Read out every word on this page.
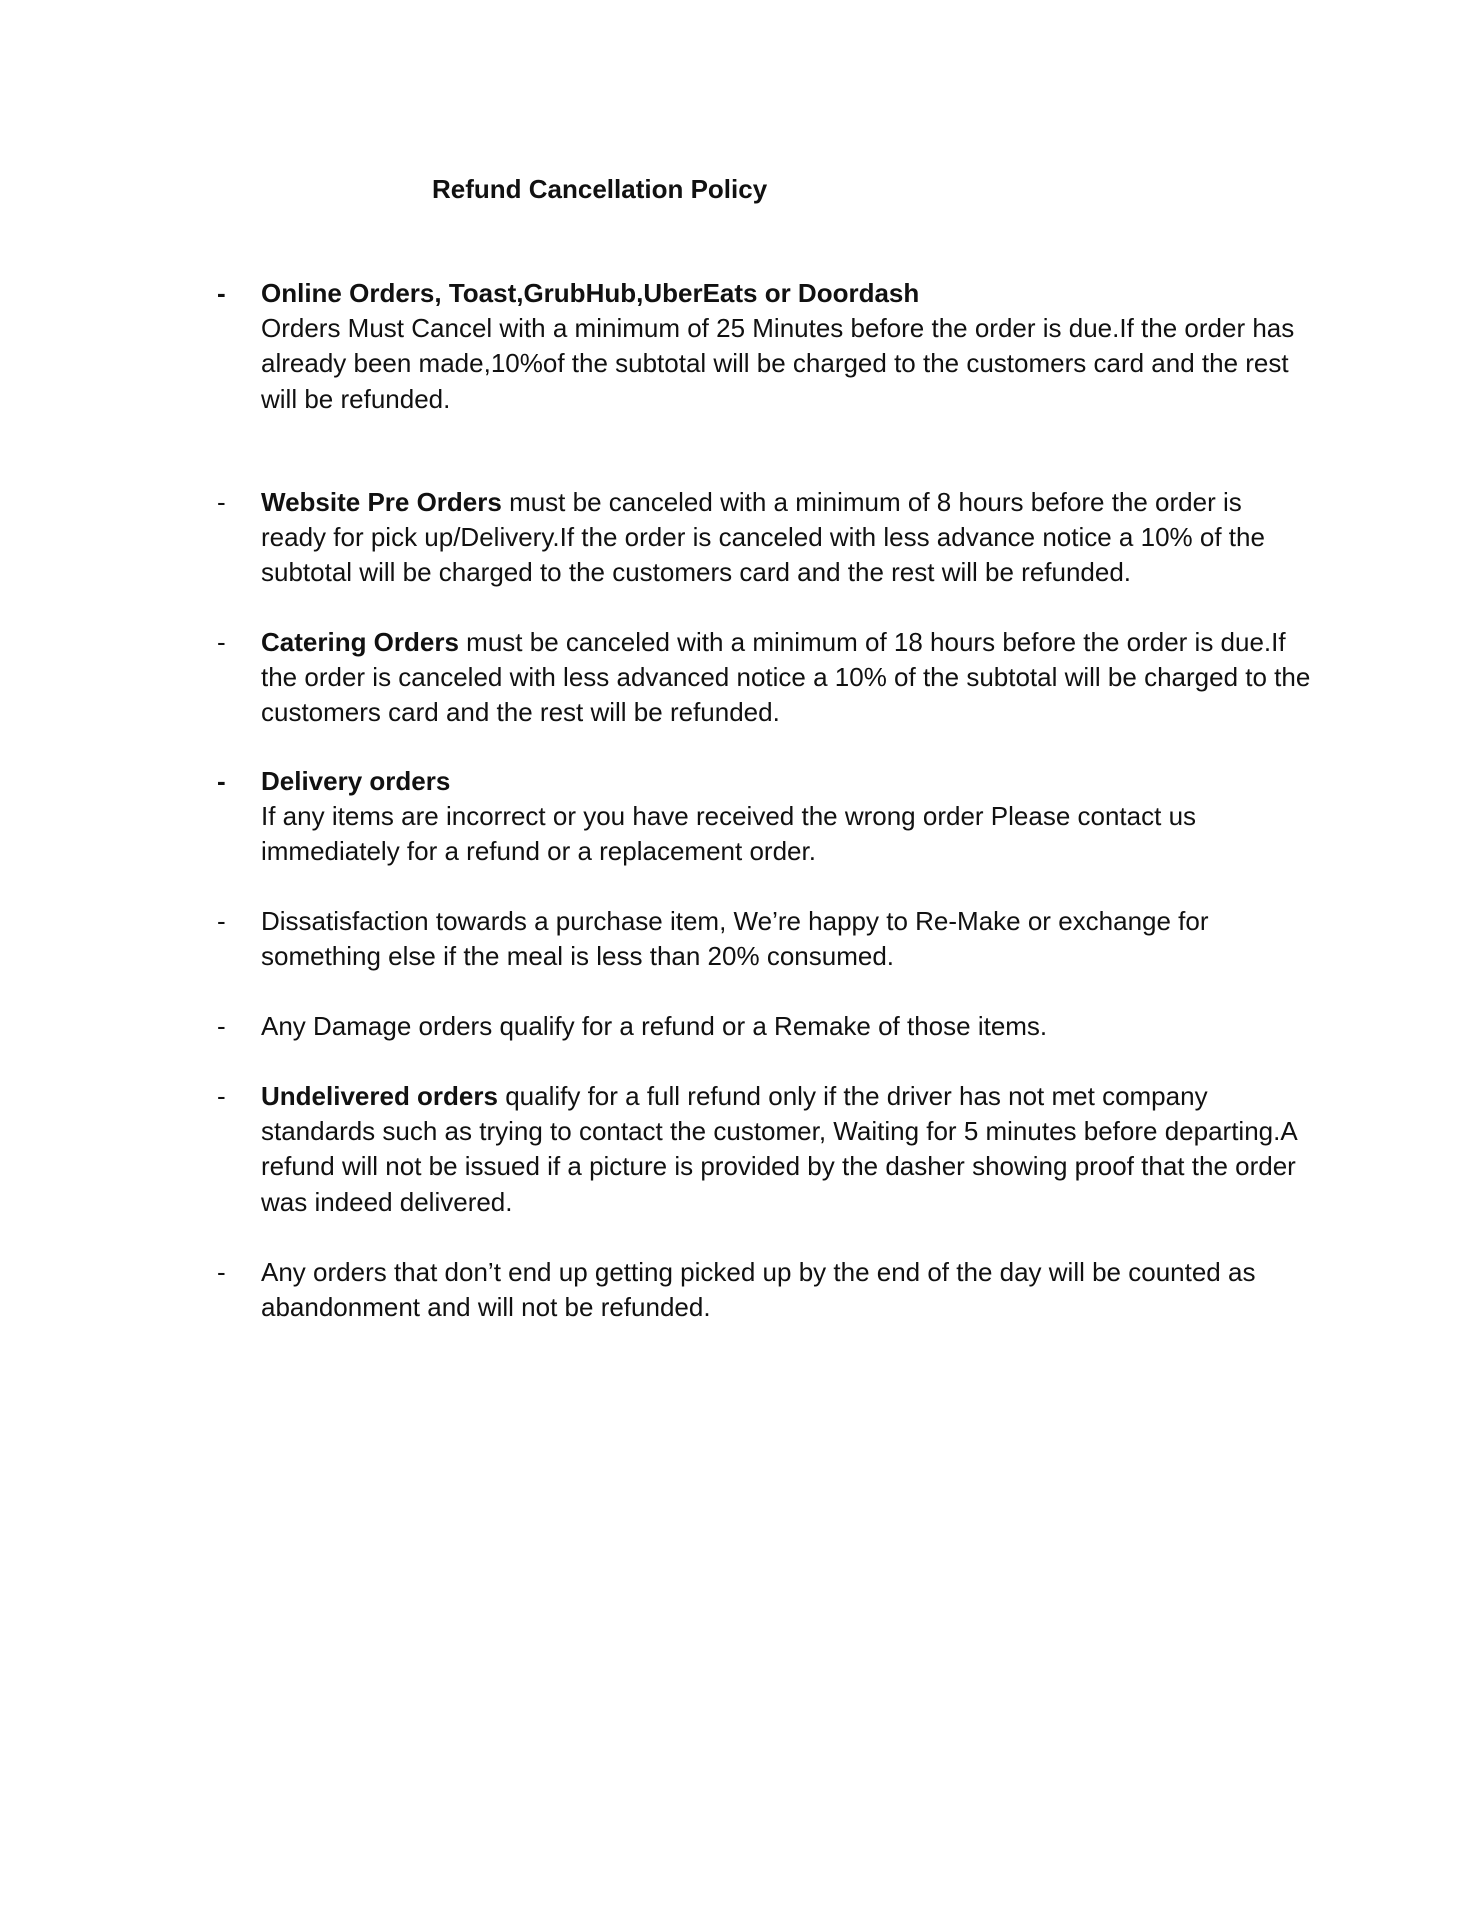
Refund Cancellation Policy
- Online Orders, Toast,GrubHub,UberEats or Doordash
Orders Must Cancel with a minimum of 25 Minutes before the order is due.If the order has already been made,10%of the subtotal will be charged to the customers card and the rest will be refunded.

- Website Pre Orders must be canceled with a minimum of 8 hours before the order is ready for pick up/Delivery.If the order is canceled with less advance notice a 10% of the subtotal will be charged to the customers card and the rest will be refunded.

- Catering Orders must be canceled with a minimum of 18 hours before the order is due.If the order is canceled with less advanced notice a 10% of the subtotal will be charged to the customers card and the rest will be refunded.

- Delivery orders
If any items are incorrect or you have received the wrong order Please contact us immediately for a refund or a replacement order.

- Dissatisfaction towards a purchase item, We’re happy to Re-Make or exchange for something else if the meal is less than 20% consumed.

- Any Damage orders qualify for a refund or a Remake of those items.

- Undelivered orders qualify for a full refund only if the driver has not met company standards such as trying to contact the customer, Waiting for 5 minutes before departing.A refund will not be issued if a picture is provided by the dasher showing proof that the order was indeed delivered.

- Any orders that don’t end up getting picked up by the end of the day will be counted as abandonment and will not be refunded.
